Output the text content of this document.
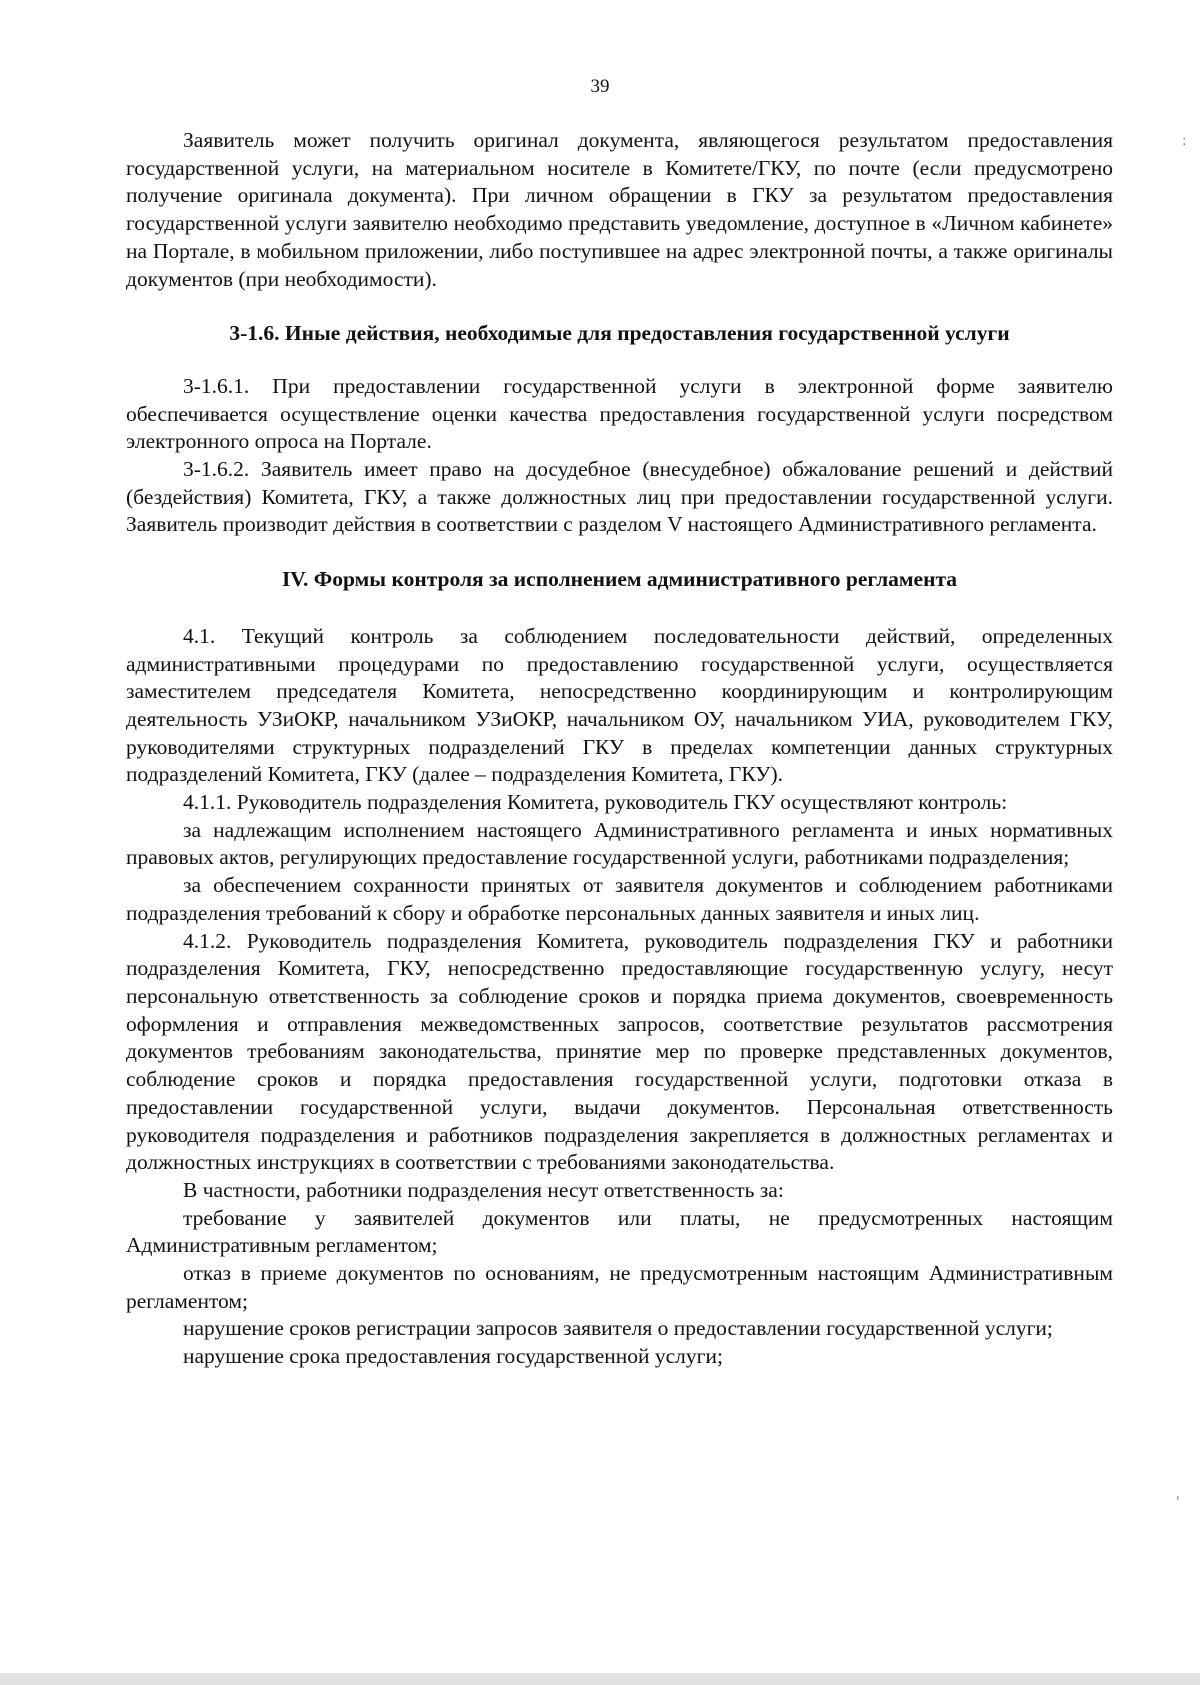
39

Заявитель может получить оригинал документа, являющегося результатом предоставления государственной услуги, на материальном носителе в Комитете/ГКУ, по почте (если предусмотрено получение оригинала документа). При личном обращении в ГКУ за результатом предоставления государственной услуги заявителю необходимо представить уведомление, доступное в «Личном кабинете» на Портале, в мобильном приложении, либо поступившее на адрес электронной почты, а также оригиналы документов (при необходимости).

3-1.6. Иные действия, необходимые для предоставления государственной услуги

3-1.6.1. При предоставлении государственной услуги в электронной форме заявителю обеспечивается осуществление оценки качества предоставления государственной услуги посредством электронного опроса на Портале.

3-1.6.2. Заявитель имеет право на досудебное (внесудебное) обжалование решений и действий (бездействия) Комитета, ГКУ, а также должностных лиц при предоставлении государственной услуги. Заявитель производит действия в соответствии с разделом V настоящего Административного регламента.

IV. Формы контроля за исполнением административного регламента

4.1. Текущий контроль за соблюдением последовательности действий, определенных административными процедурами по предоставлению государственной услуги, осуществляется заместителем председателя Комитета, непосредственно координирующим и контролирующим деятельность УЗиОКР, начальником УЗиОКР, начальником ОУ, начальником УИА, руководителем ГКУ, руководителями структурных подразделений ГКУ в пределах компетенции данных структурных подразделений Комитета, ГКУ (далее – подразделения Комитета, ГКУ).

4.1.1. Руководитель подразделения Комитета, руководитель ГКУ осуществляют контроль:

за надлежащим исполнением настоящего Административного регламента и иных нормативных правовых актов, регулирующих предоставление государственной услуги, работниками подразделения;

за обеспечением сохранности принятых от заявителя документов и соблюдением работниками подразделения требований к сбору и обработке персональных данных заявителя и иных лиц.

4.1.2. Руководитель подразделения Комитета, руководитель подразделения ГКУ и работники подразделения Комитета, ГКУ, непосредственно предоставляющие государственную услугу, несут персональную ответственность за соблюдение сроков и порядка приема документов, своевременность оформления и отправления межведомственных запросов, соответствие результатов рассмотрения документов требованиям законодательства, принятие мер по проверке представленных документов, соблюдение сроков и порядка предоставления государственной услуги, подготовки отказа в предоставлении государственной услуги, выдачи документов. Персональная ответственность руководителя подразделения и работников подразделения закрепляется в должностных регламентах и должностных инструкциях в соответствии с требованиями законодательства.

В частности, работники подразделения несут ответственность за:

требование у заявителей документов или платы, не предусмотренных настоящим Административным регламентом;

отказ в приеме документов по основаниям, не предусмотренным настоящим Административным регламентом;

нарушение сроков регистрации запросов заявителя о предоставлении государственной услуги;

нарушение срока предоставления государственной услуги;

:
'
